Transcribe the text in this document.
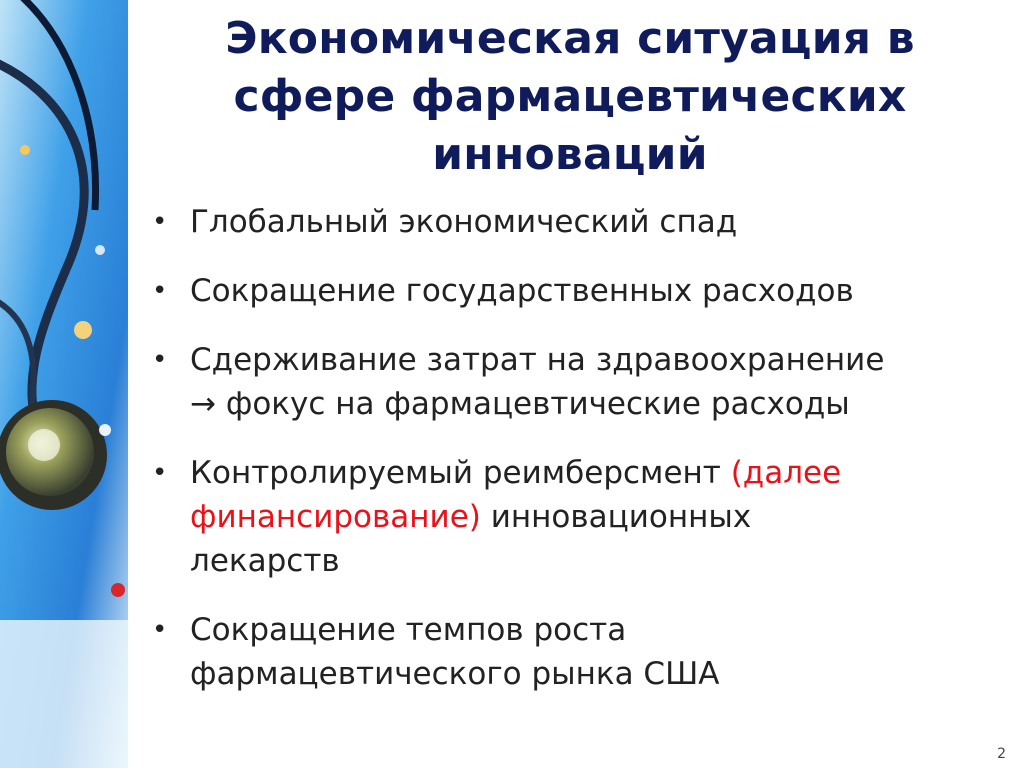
Экономическая ситуация в
сфере фармацевтических
инноваций
• Глобальный экономический спад
• Сокращение государственных расходов
• Сдерживание затрат на здравоохранение
→ фокус на фармацевтические расходы
• Контролируемый реимберсмент (далее
финансирование) инновационных
лекарств
• Сокращение темпов роста
фармацевтического рынка США
2
